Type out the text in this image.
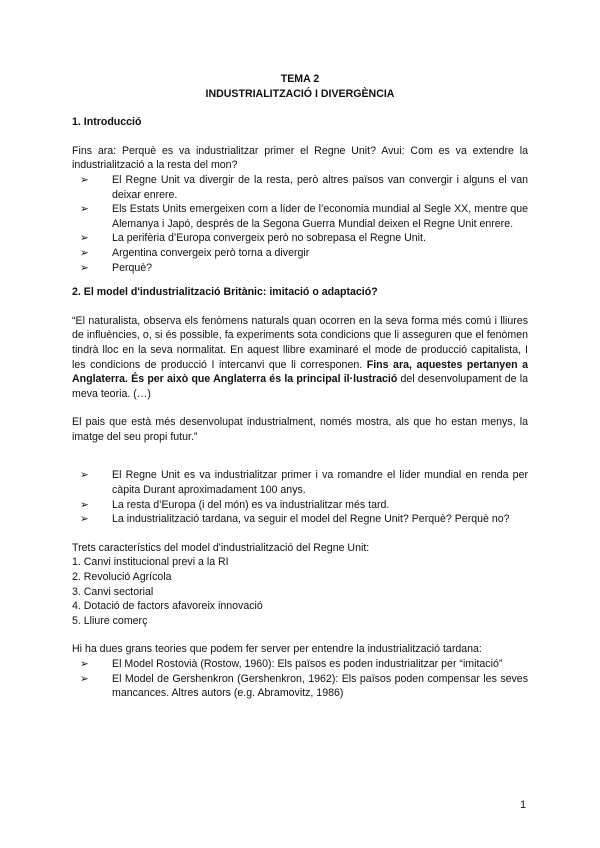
TEMA 2
INDUSTRIALITZACIÓ I DIVERGÈNCIA
1. Introducció

Fins ara: Perquè es va industrialitzar primer el Regne Unit? Avui: Com es va extendre la industrialització a la resta del mon?

➢ El Regne Unit va divergir de la resta, però altres països van convergir i alguns el van deixar enrere.
➢ Els Estats Units emergeixen com a líder de l’economia mundial al Segle XX, mentre que Alemanya i Japó, després de la Segona Guerra Mundial deixen el Regne Unit enrere.
➢ La perifèria d’Europa convergeix però no sobrepasa el Regne Unit.
➢ Argentina convergeix però torna a divergir
➢ Perquè?
2. El model d'industrialització Britànic: imitació o adaptació?

“El naturalista, observa els fenòmens naturals quan ocorren en la seva forma més comú i lliures de influències, o, si és possible, fa experiments sota condicions que li asseguren que el fenòmen tindrà lloc en la seva normalitat. En aquest llibre examinaré el mode de producció capitalista, I les condicions de producció I intercanvi que li corresponen. Fins ara, aquestes pertanyen a Anglaterra. És per això que Anglaterra és la principal il·lustració del desenvolupament de la meva teoria. (…)

El pais que està més desenvolupat industrialment, només mostra, als que ho estan menys, la imatge del seu propi futur.”

➢ El Regne Unit es va industrialitzar primer i va romandre el líder mundial en renda per càpita Durant aproximadament 100 anys.
➢ La resta d’Europa (i del món) es va industrialitzar més tard.
➢ La industrialització tardana, va seguir el model del Regne Unit? Perquè? Perquè no?
Trets característics del model d'industrialització del Regne Unit:
1. Canvi institucional previ a la RI
2. Revolució Agrícola
3. Canvi sectorial
4. Dotació de factors afavoreix innovació
5. Lliure comerç
Hi ha dues grans teories que podem fer server per entendre la industrialització tardana:
➢ El Model Rostovià (Rostow, 1960): Els països es poden industrialitzar per “imitació”
➢ El Model de Gershenkron (Gershenkron, 1962): Els països poden compensar les seves mancances. Altres autors (e.g. Abramovitz, 1986)
1
